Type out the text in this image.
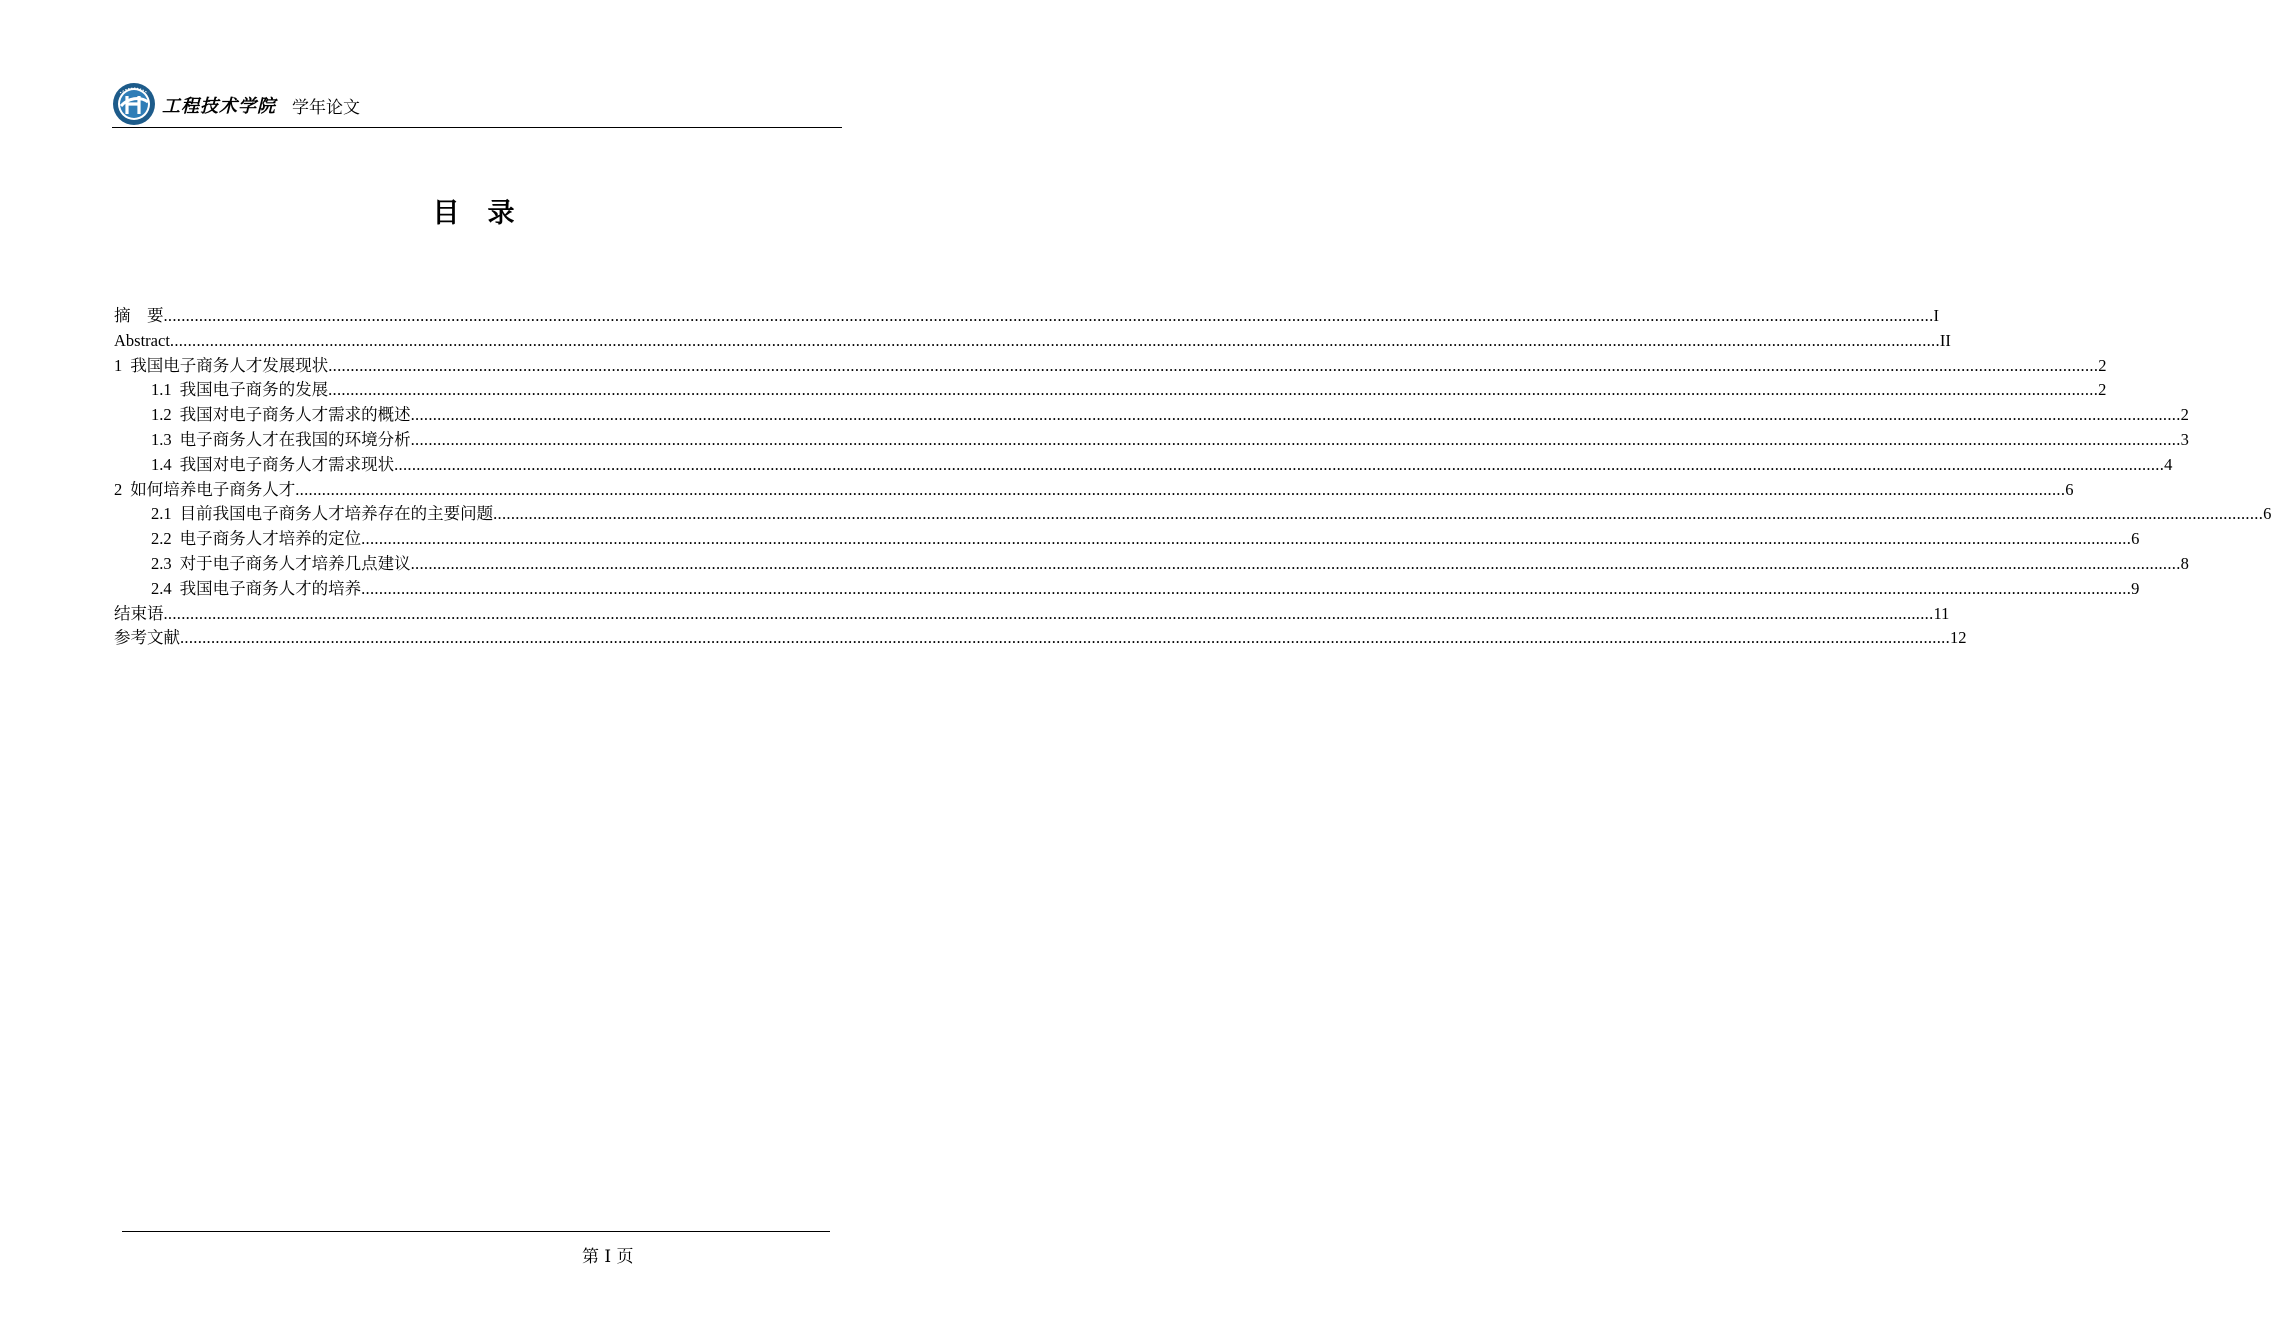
工程技术学院 学年论文
目录
摘　要 ................................................................................................................................................................................................................................................................................................................................................................................................................ I
Abstract ................................................................................................................................................................................................................................................................................................................................................................................................................ II
1 我国电子商务人才发展现状 ................................................................................................................................................................................................................................................................................................................................................................................................................ 2
1.1 我国电子商务的发展 ................................................................................................................................................................................................................................................................................................................................................................................................................ 2
1.2 我国对电子商务人才需求的概述 ................................................................................................................................................................................................................................................................................................................................................................................................................ 2
1.3 电子商务人才在我国的环境分析 ................................................................................................................................................................................................................................................................................................................................................................................................................ 3
1.4 我国对电子商务人才需求现状 ................................................................................................................................................................................................................................................................................................................................................................................................................ 4
2 如何培养电子商务人才 ................................................................................................................................................................................................................................................................................................................................................................................................................ 6
2.1 目前我国电子商务人才培养存在的主要问题 ................................................................................................................................................................................................................................................................................................................................................................................................................ 6
2.2 电子商务人才培养的定位 ................................................................................................................................................................................................................................................................................................................................................................................................................ 6
2.3 对于电子商务人才培养几点建议 ................................................................................................................................................................................................................................................................................................................................................................................................................ 8
2.4 我国电子商务人才的培养 ................................................................................................................................................................................................................................................................................................................................................................................................................ 9
结束语 ................................................................................................................................................................................................................................................................................................................................................................................................................ 11
参考文献 ................................................................................................................................................................................................................................................................................................................................................................................................................ 12
第 I 页
